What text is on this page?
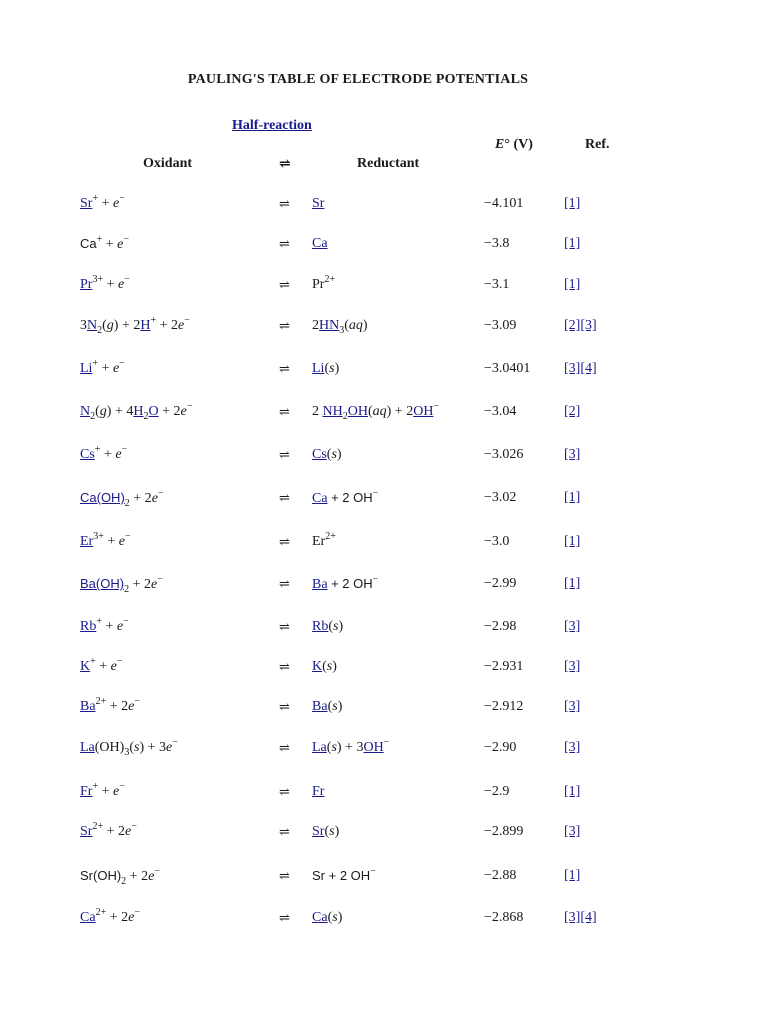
PAULING'S TABLE OF ELECTRODE POTENTIALS
Half-reaction
E° (V)	Ref.
Oxidant	⇌	Reductant
Sr+ + e−	⇌ Sr	−4.101	[1]
Ca+ + e−	⇌ Ca	−3.8	[1]
$Pr^{3+} + e^-$	⇌ $Pr^{2+}$	−3.1	[1]
$3N_2(g) + 2H^+ + 2e^-$	⇌ $2HN_3(aq)$	−3.09	[2][3]
Li+ + e−	⇌ Li(s)	−3.0401 [3][4]
$N_2(g) + 4H_2O + 2e^-$	⇌ 2 $NH_2OH(aq) + 2OH^-$	−3.04	[2]
Cs+ + e−	⇌ Cs(s)	−3.026	[3]
$Ca(OH)_2 + 2e^-$	⇌ Ca + 2 OH−	−3.02	[1]
$Er^{3+} + e^-$	⇌ $Er^{2+}$	−3.0	[1]
$Ba(OH)_2 + 2e^-$	⇌ Ba + 2 OH−	−2.99	[1]
Rb+ + e−	⇌ Rb(s)	−2.98	[3]
K+ + e−	⇌ K(s)	−2.931	[3]
$Ba^{2+} + 2e^-$	⇌ Ba(s)	−2.912	[3]
$La(OH)_3(s) + 3e^-$	⇌ La(s) + 3OH−	−2.90	[3]
Fr+ + e−	⇌ Fr	−2.9	[1]
$Sr^{2+} + 2e^-$	⇌ Sr(s)	−2.899	[3]
$Sr(OH)_2 + 2e^-$	⇌ Sr + 2 OH−	−2.88	[1]
$Ca^{2+} + 2e^-$	⇌ Ca(s)	−2.868	[3][4]
